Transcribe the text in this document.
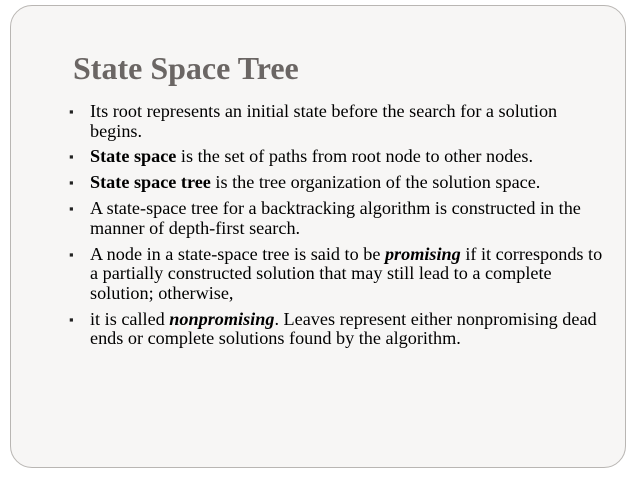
State Space Tree
▪ Its root represents an initial state before the search for a solution begins.
▪ State space is the set of paths from root node to other nodes.
▪ State space tree is the tree organization of the solution space.
▪ A state-space tree for a backtracking algorithm is constructed in the manner of depth-first search.
▪ A node in a state-space tree is said to be promising if it corresponds to a partially constructed solution that may still lead to a complete solution; otherwise,
▪ it is called nonpromising. Leaves represent either nonpromising dead ends or complete solutions found by the algorithm.
